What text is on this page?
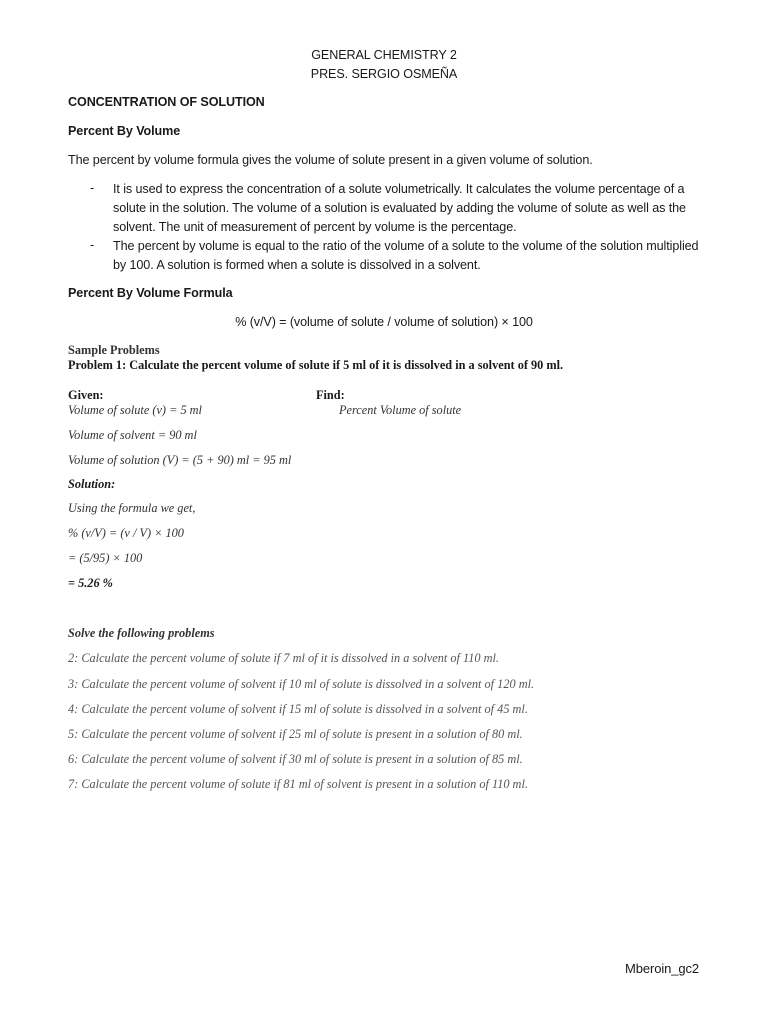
GENERAL CHEMISTRY 2
PRES. SERGIO OSMEÑA
CONCENTRATION OF SOLUTION
Percent By Volume
The percent by volume formula gives the volume of solute present in a given volume of solution.
- It is used to express the concentration of a solute volumetrically. It calculates the volume percentage of a solute in the solution. The volume of a solution is evaluated by adding the volume of solute as well as the solvent. The unit of measurement of percent by volume is the percentage.
- The percent by volume is equal to the ratio of the volume of a solute to the volume of the solution multiplied by 100. A solution is formed when a solute is dissolved in a solvent.
Percent By Volume Formula
% (v/V) = (volume of solute / volume of solution) × 100
Sample Problems
Problem 1: Calculate the percent volume of solute if 5 ml of it is dissolved in a solvent of 90 ml.
Given:	Find:
Volume of solute (v) = 5 ml	Percent Volume of solute
Volume of solvent = 90 ml
Volume of solution (V) = (5 + 90) ml = 95 ml
Solution:
Using the formula we get,
% (v/V) = (v / V) × 100
= (5/95) × 100
= 5.26 %
Solve the following problems
2: Calculate the percent volume of solute if 7 ml of it is dissolved in a solvent of 110 ml.
3: Calculate the percent volume of solvent if 10 ml of solute is dissolved in a solvent of 120 ml.
4: Calculate the percent volume of solvent if 15 ml of solute is dissolved in a solvent of 45 ml.
5: Calculate the percent volume of solvent if 25 ml of solute is present in a solution of 80 ml.
6: Calculate the percent volume of solvent if 30 ml of solute is present in a solution of 85 ml.
7: Calculate the percent volume of solute if 81 ml of solvent is present in a solution of 110 ml.
Mberoin_gc2
